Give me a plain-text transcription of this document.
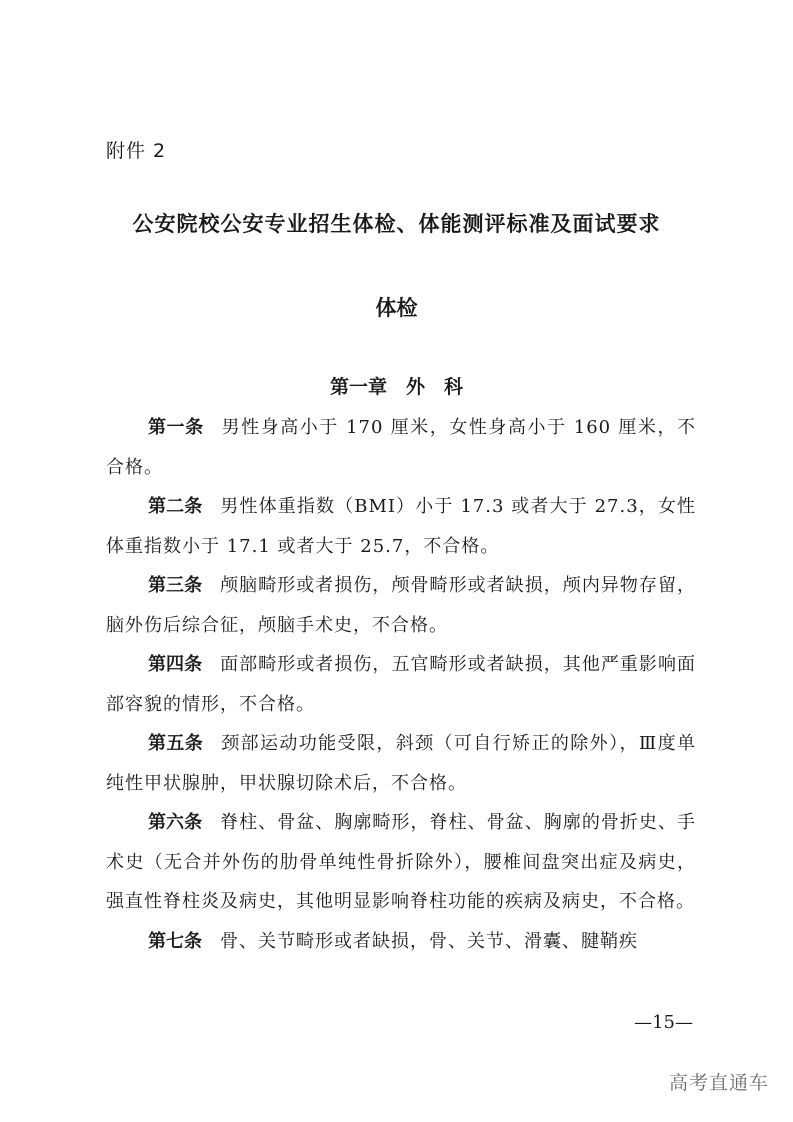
附件 2
公安院校公安专业招生体检、体能测评标准及面试要求
体检
第一章　外　科

第一条 男性身高小于 170 厘米，女性身高小于 160 厘米，不合格。

第二条 男性体重指数（BMI）小于 17.3 或者大于 27.3，女性体重指数小于 17.1 或者大于 25.7，不合格。

第三条 颅脑畸形或者损伤，颅骨畸形或者缺损，颅内异物存留，脑外伤后综合征，颅脑手术史，不合格。

第四条 面部畸形或者损伤，五官畸形或者缺损，其他严重影响面部容貌的情形，不合格。

第五条 颈部运动功能受限，斜颈（可自行矫正的除外），Ⅲ度单纯性甲状腺肿，甲状腺切除术后，不合格。

第六条 脊柱、骨盆、胸廓畸形，脊柱、骨盆、胸廓的骨折史、手术史（无合并外伤的肋骨单纯性骨折除外），腰椎间盘突出症及病史，强直性脊柱炎及病史，其他明显影响脊柱功能的疾病及病史，不合格。

第七条 骨、关节畸形或者缺损，骨、关节、滑囊、腱鞘疾

—15—
高考直通车
